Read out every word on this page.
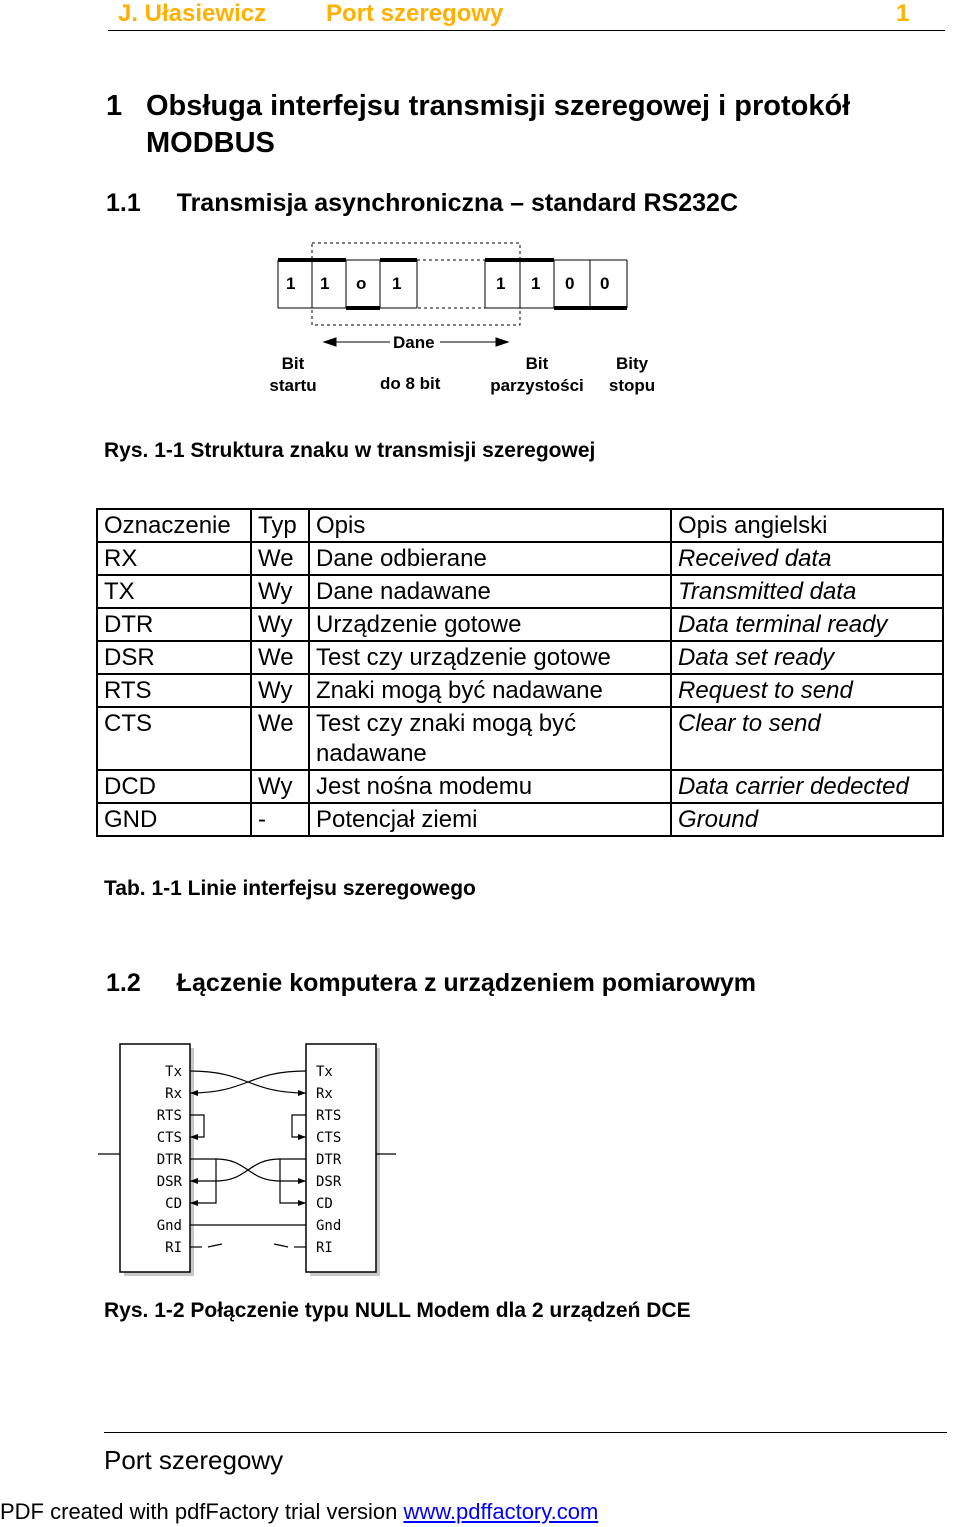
J. Ułasiewicz Port szeregowy	1
1 Obsługa interfejsu transmisji szeregowej i protokół MODBUS
1.1 Transmisja asynchroniczna – standard RS232C
1 1 o 1	1 1 0 0
Dane
Bit
startu	do 8 bit
Bit
parzystości
Bity
stopu
Rys. 1-1 Struktura znaku w transmisji szeregowej
Oznaczenie	Typ	Opis	Opis angielski
RX	We	Dane odbierane	Received data
TX	Wy	Dane nadawane	Transmitted data
DTR	Wy	Urządzenie gotowe	Data terminal ready
DSR	We	Test czy urządzenie gotowe	Data set ready
RTS	Wy	Znaki mogą być nadawane	Request to send
CTS	We	Test czy znaki mogą być nadawane	Clear to send
DCD	Wy	Jest nośna modemu	Data carrier dedected
GND	-	Potencjał ziemi	Ground
Tab. 1-1 Linie interfejsu szeregowego
1.2 Łączenie komputera z urządzeniem pomiarowym
Tx
Rx
RTS
CTS
DTR
DSR
CD
Gnd
RI
Tx
Rx
RTS
CTS
DTR
DSR
CD
Gnd
RI
Rys. 1-2 Połączenie typu NULL Modem dla 2 urządzeń DCE
Port szeregowy
PDF created with pdfFactory trial version www.pdffactory.com
